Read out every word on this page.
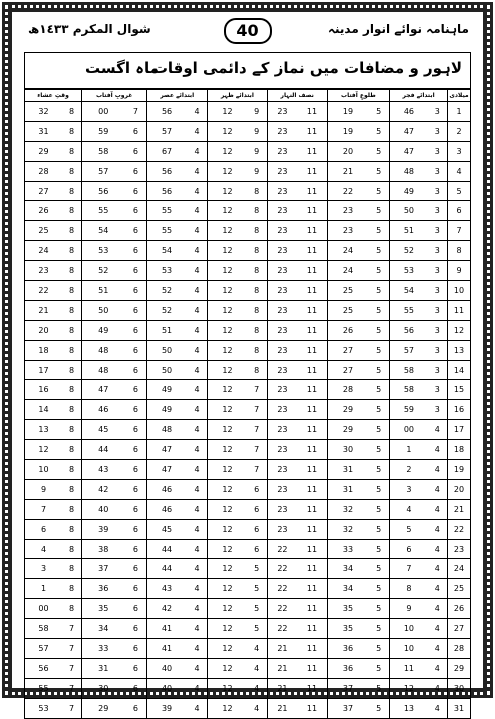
ماہنامہ نوائے انوار مدینہ
40
شوال المکرم ١٤٣٣ھ
لاہور و مضافات میں نماز کے دائمی اوقات
ماہ اگست
میلادی	ابتدائے فجر		طلوعِ آفتاب		نصف النہار		ابتدائے ظہر		ابتدائے عصر		غروبِ آفتاب		وقتِ عشاء	
1	3	46	5	19	11	23	9	12	4	56	7	00	8	32
2	3	47	5	19	11	23	9	12	4	57	6	59	8	31
3	3	47	5	20	11	23	9	12	4	67	6	58	8	29
4	3	48	5	21	11	23	9	12	4	56	6	57	8	28
5	3	49	5	22	11	23	8	12	4	56	6	56	8	27
6	3	50	5	23	11	23	8	12	4	55	6	55	8	26
7	3	51	5	23	11	23	8	12	4	55	6	54	8	25
8	3	52	5	24	11	23	8	12	4	54	6	53	8	24
9	3	53	5	24	11	23	8	12	4	53	6	52	8	23
10	3	54	5	25	11	23	8	12	4	52	6	51	8	22
11	3	55	5	25	11	23	8	12	4	52	6	50	8	21
12	3	56	5	26	11	23	8	12	4	51	6	49	8	20
13	3	57	5	27	11	23	8	12	4	50	6	48	8	18
14	3	58	5	27	11	23	8	12	4	50	6	48	8	17
15	3	58	5	28	11	23	7	12	4	49	6	47	8	16
16	3	59	5	29	11	23	7	12	4	49	6	46	8	14
17	4	00	5	29	11	23	7	12	4	48	6	45	8	13
18	4	1	5	30	11	23	7	12	4	47	6	44	8	12
19	4	2	5	31	11	23	7	12	4	47	6	43	8	10
20	4	3	5	31	11	23	6	12	4	46	6	42	8	9
21	4	4	5	32	11	23	6	12	4	46	6	40	8	7
22	4	5	5	32	11	23	6	12	4	45	6	39	8	6
23	4	6	5	33	11	22	6	12	4	44	6	38	8	4
24	4	7	5	34	11	22	5	12	4	44	6	37	8	3
25	4	8	5	34	11	22	5	12	4	43	6	36	8	1
26	4	9	5	35	11	22	5	12	4	42	6	35	8	00
27	4	10	5	35	11	22	5	12	4	41	6	34	7	58
28	4	10	5	36	11	21	4	12	4	41	6	33	7	57
29	4	11	5	36	11	21	4	12	4	40	6	31	7	56
30	4	12	5	37	11	21	4	12	4	40	6	30	7	55
31	4	13	5	37	11	21	4	12	4	39	6	29	7	53
